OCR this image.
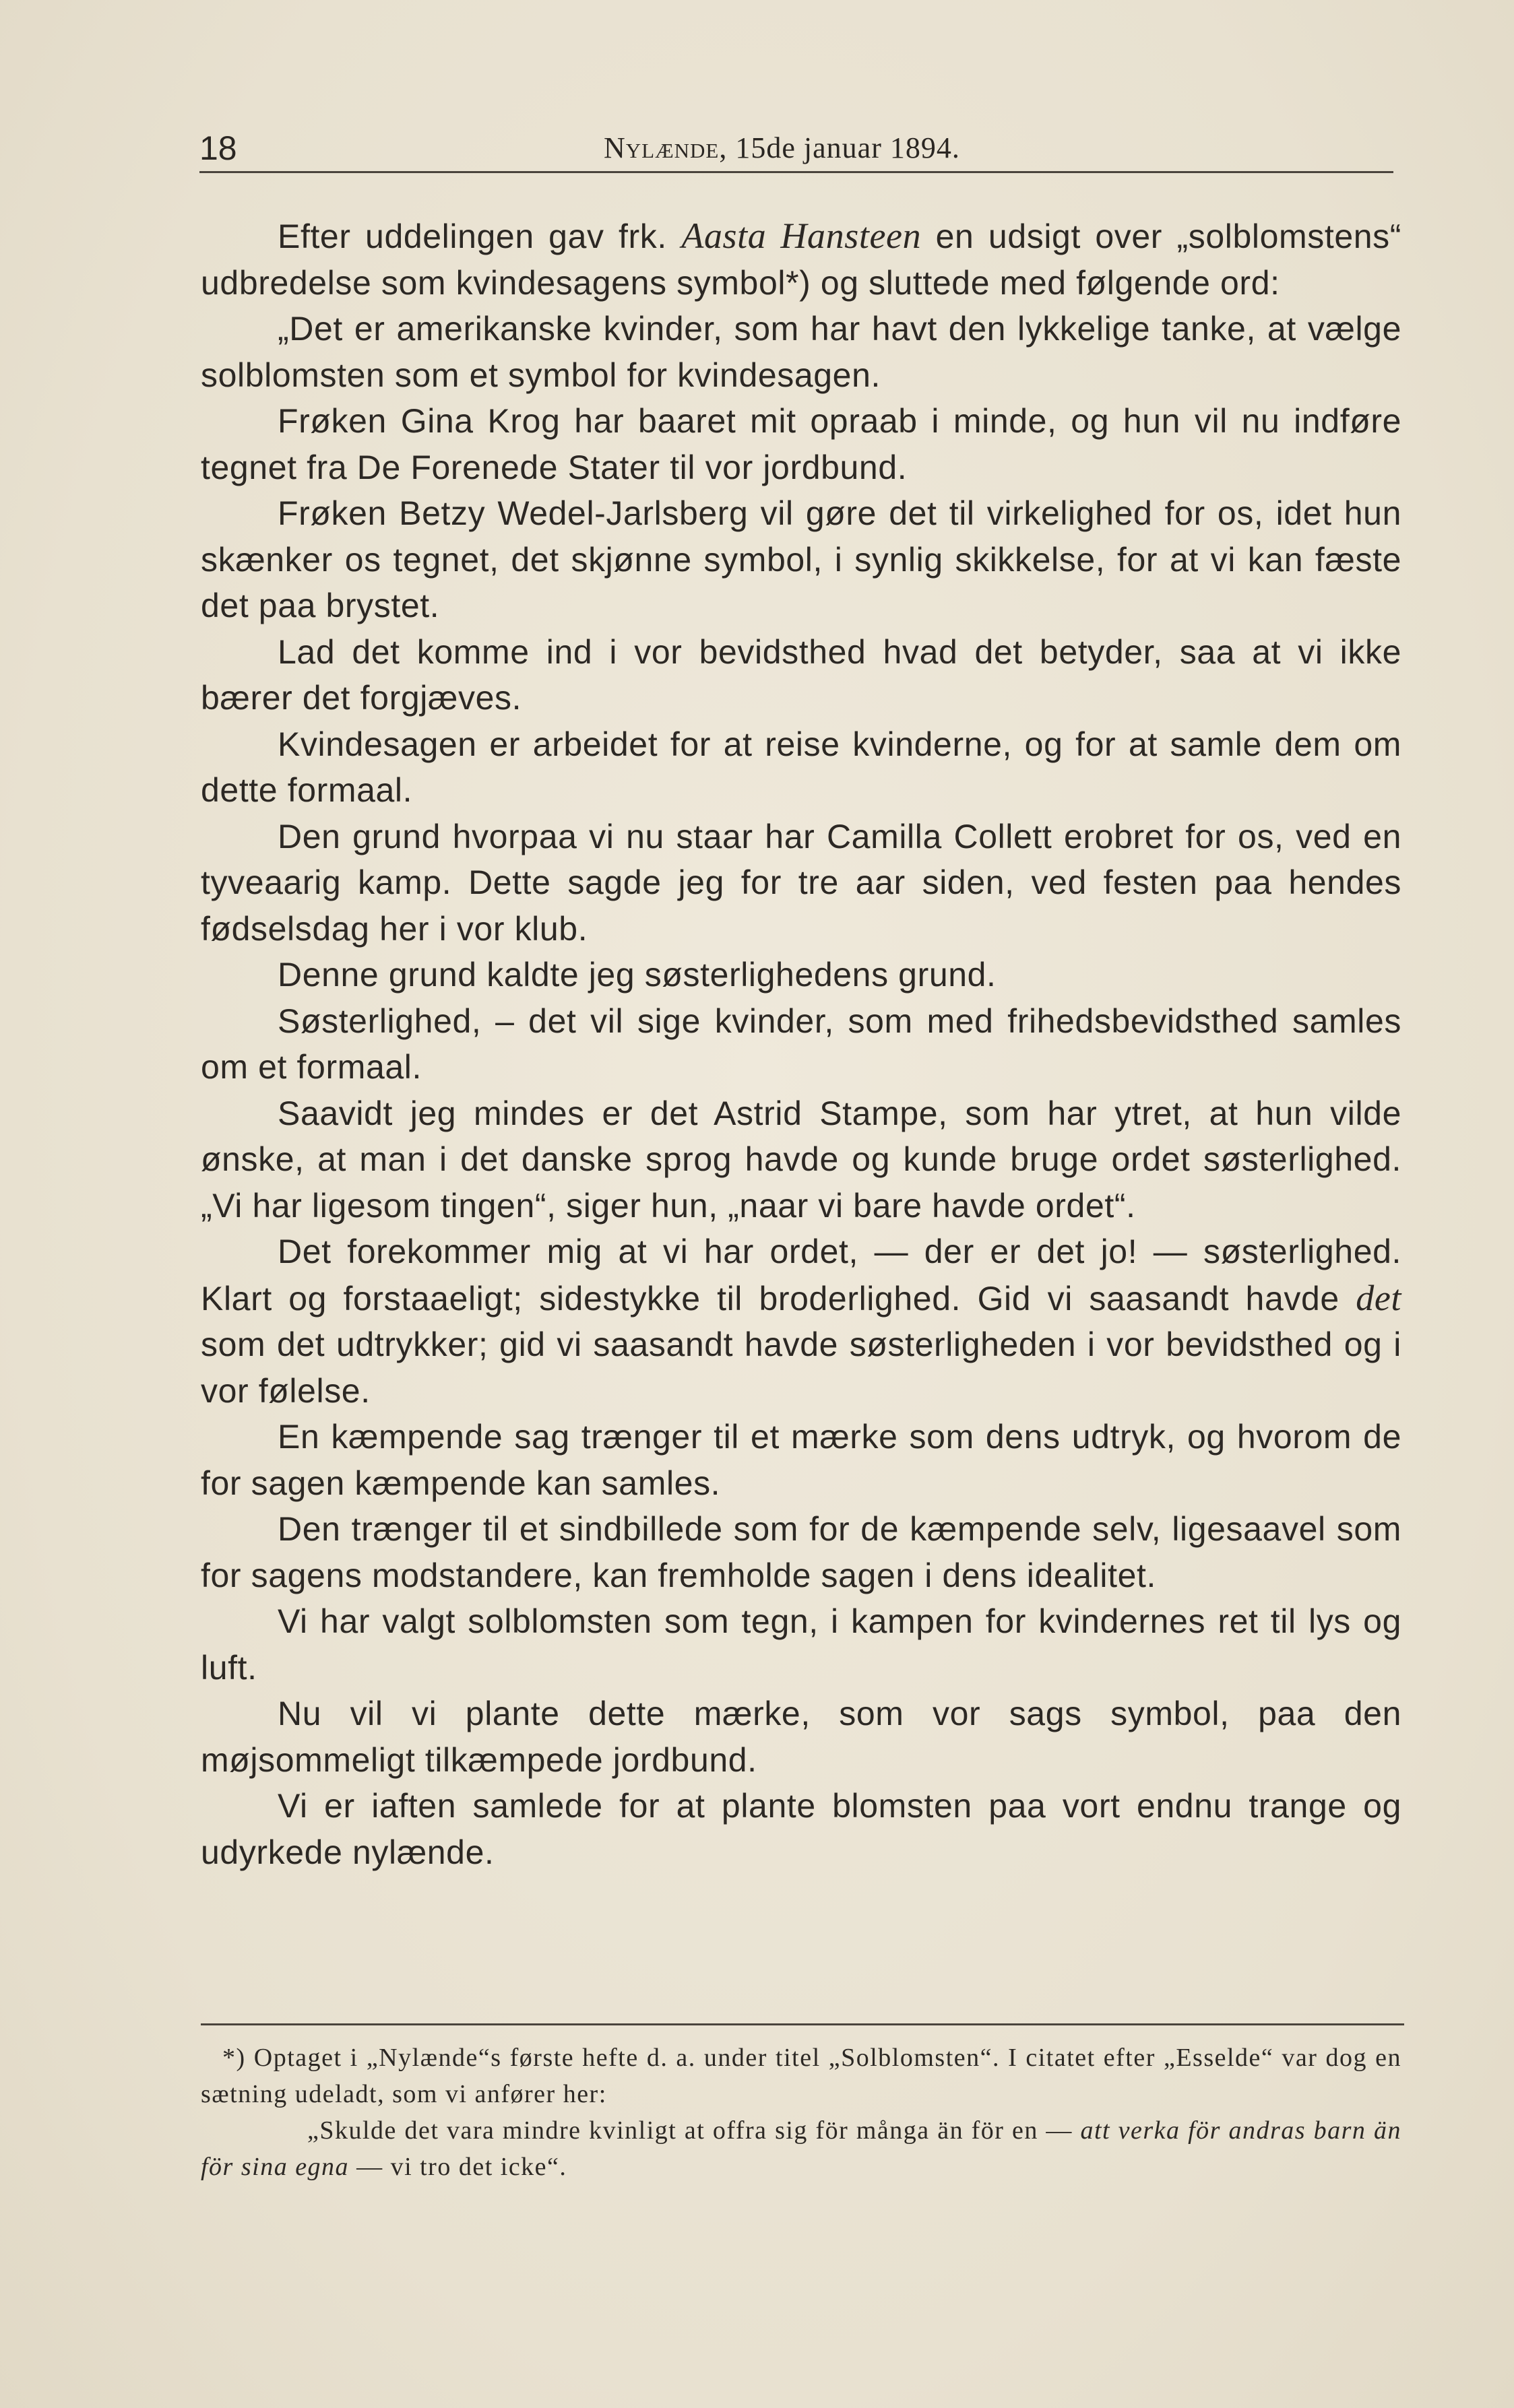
18	Nylænde, 15de januar 1894.

Efter uddelingen gav frk. Aasta Hansteen en udsigt over „solblomstens“ udbredelse som kvindesagens symbol*) og sluttede med følgende ord:

„Det er amerikanske kvinder, som har havt den lykkelige tanke, at vælge solblomsten som et symbol for kvindesagen.

Frøken Gina Krog har baaret mit opraab i minde, og hun vil nu indføre tegnet fra De Forenede Stater til vor jordbund.

Frøken Betzy Wedel-Jarlsberg vil gøre det til virkelighed for os, idet hun skænker os tegnet, det skjønne symbol, i synlig skikkelse, for at vi kan fæste det paa brystet.

Lad det komme ind i vor bevidsthed hvad det betyder, saa at vi ikke bærer det forgjæves.

Kvindesagen er arbeidet for at reise kvinderne, og for at samle dem om dette formaal.

Den grund hvorpaa vi nu staar har Camilla Collett erobret for os, ved en tyveaarig kamp. Dette sagde jeg for tre aar siden, ved festen paa hendes fødselsdag her i vor klub.

Denne grund kaldte jeg søsterlighedens grund.

Søsterlighed, – det vil sige kvinder, som med frihedsbevidsthed samles om et formaal.

Saavidt jeg mindes er det Astrid Stampe, som har ytret, at hun vilde ønske, at man i det danske sprog havde og kunde bruge ordet søsterlighed. „Vi har ligesom tingen“, siger hun, „naar vi bare havde ordet“.

Det forekommer mig at vi har ordet, — der er det jo! — søsterlighed. Klart og forstaaeligt; sidestykke til broderlighed. Gid vi saasandt havde det som det udtrykker; gid vi saasandt havde søsterligheden i vor bevidsthed og i vor følelse.

En kæmpende sag trænger til et mærke som dens udtryk, og hvorom de for sagen kæmpende kan samles.

Den trænger til et sindbillede som for de kæmpende selv, ligesaavel som for sagens modstandere, kan fremholde sagen i dens idealitet.

Vi har valgt solblomsten som tegn, i kampen for kvindernes ret til lys og luft.

Nu vil vi plante dette mærke, som vor sags symbol, paa den møjsommeligt tilkæmpede jordbund.

Vi er iaften samlede for at plante blomsten paa vort endnu trange og udyrkede nylænde.

*) Optaget i „Nylænde“s første hefte d. a. under titel „Solblomsten“. I citatet efter „Esselde“ var dog en sætning udeladt, som vi anfører her:

„Skulde det vara mindre kvinligt at offra sig för många än för en — att verka för andras barn än för sina egna — vi tro det icke“.
